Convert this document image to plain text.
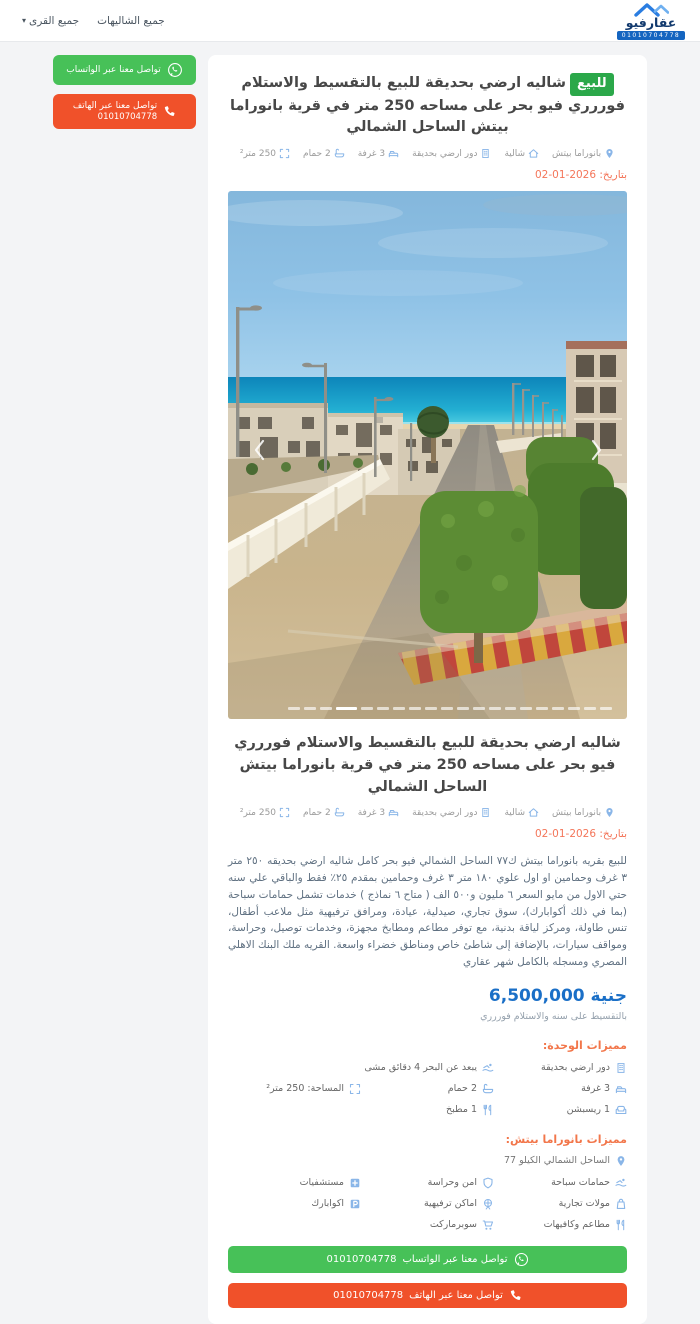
عقارفيو
01010704778
جميع الشاليهات
جميع القرى
▾
للبيعشاليه ارضي بحديقة للبيع بالتقسيط والاستلام فوررري فيو بحر على مساحه 250 متر في قرية بانوراما بيتش الساحل الشمالي
بانوراما بيتش
شالية
دور ارضي بحديقة
3 غرفة
2 حمام
250 متر²
بتاريخ: 2026-01-02
شاليه ارضي بحديقة للبيع بالتقسيط والاستلام فوررري فيو بحر على مساحه 250 متر في قرية بانوراما بيتش الساحل الشمالي
بانوراما بيتش
شالية
دور ارضي بحديقة
3 غرفة
2 حمام
250 متر²
بتاريخ: 2026-01-02

للبيع بقريه بانوراما بيتش ك٧٧ الساحل الشمالي فيو بحر كامل شاليه ارضي بحديقه ٢٥٠ متر ٣ غرف وحمامين او اول علوي ١٨٠ متر ٣ غرف وحمامين بمقدم ٢٥٪ فقط والباقي علي سنه حتي الاول من مايو السعر ٦ مليون و٥٠٠ الف ( متاح ٦ نماذج ) خدمات تشمل حمامات سباحة (بما في ذلك أكوابارك)، سوق تجاري، صيدلية، عيادة، ومرافق ترفيهية مثل ملاعب أطفال، تنس طاولة، ومركز لياقة بدنية، مع توفر مطاعم ومطابخ مجهزة، وخدمات توصيل، وحراسة، ومواقف سيارات، بالإضافة إلى شاطئ خاص ومناطق خضراء واسعة. القريه ملك البنك الاهلي المصري ومسجله بالكامل شهر عقاري

6,500,000 جنية
بالتقسيط على سنه والاستلام فوررري
مميزات الوحدة:
دور ارضي بحديقة
يبعد عن البحر 4 دقائق مشى
3 غرفة
2 حمام
المساحة: 250 متر²
1 ريسبشن
1 مطبخ
مميزات بانوراما بيتش:
الساحل الشمالي الكيلو 77
حمامات سباحة
امن وحراسة
مستشفيات
مولات تجارية
اماكن ترفيهية
اكوابارك
مطاعم وكافيهات
سوبرماركت
تواصل معنا عبر الواتساب
01010704778
تواصل معنا عبر الهاتف
01010704778
تواصل معنا عبر الواتساب
تواصل معنا عبر الهاتف
01010704778
